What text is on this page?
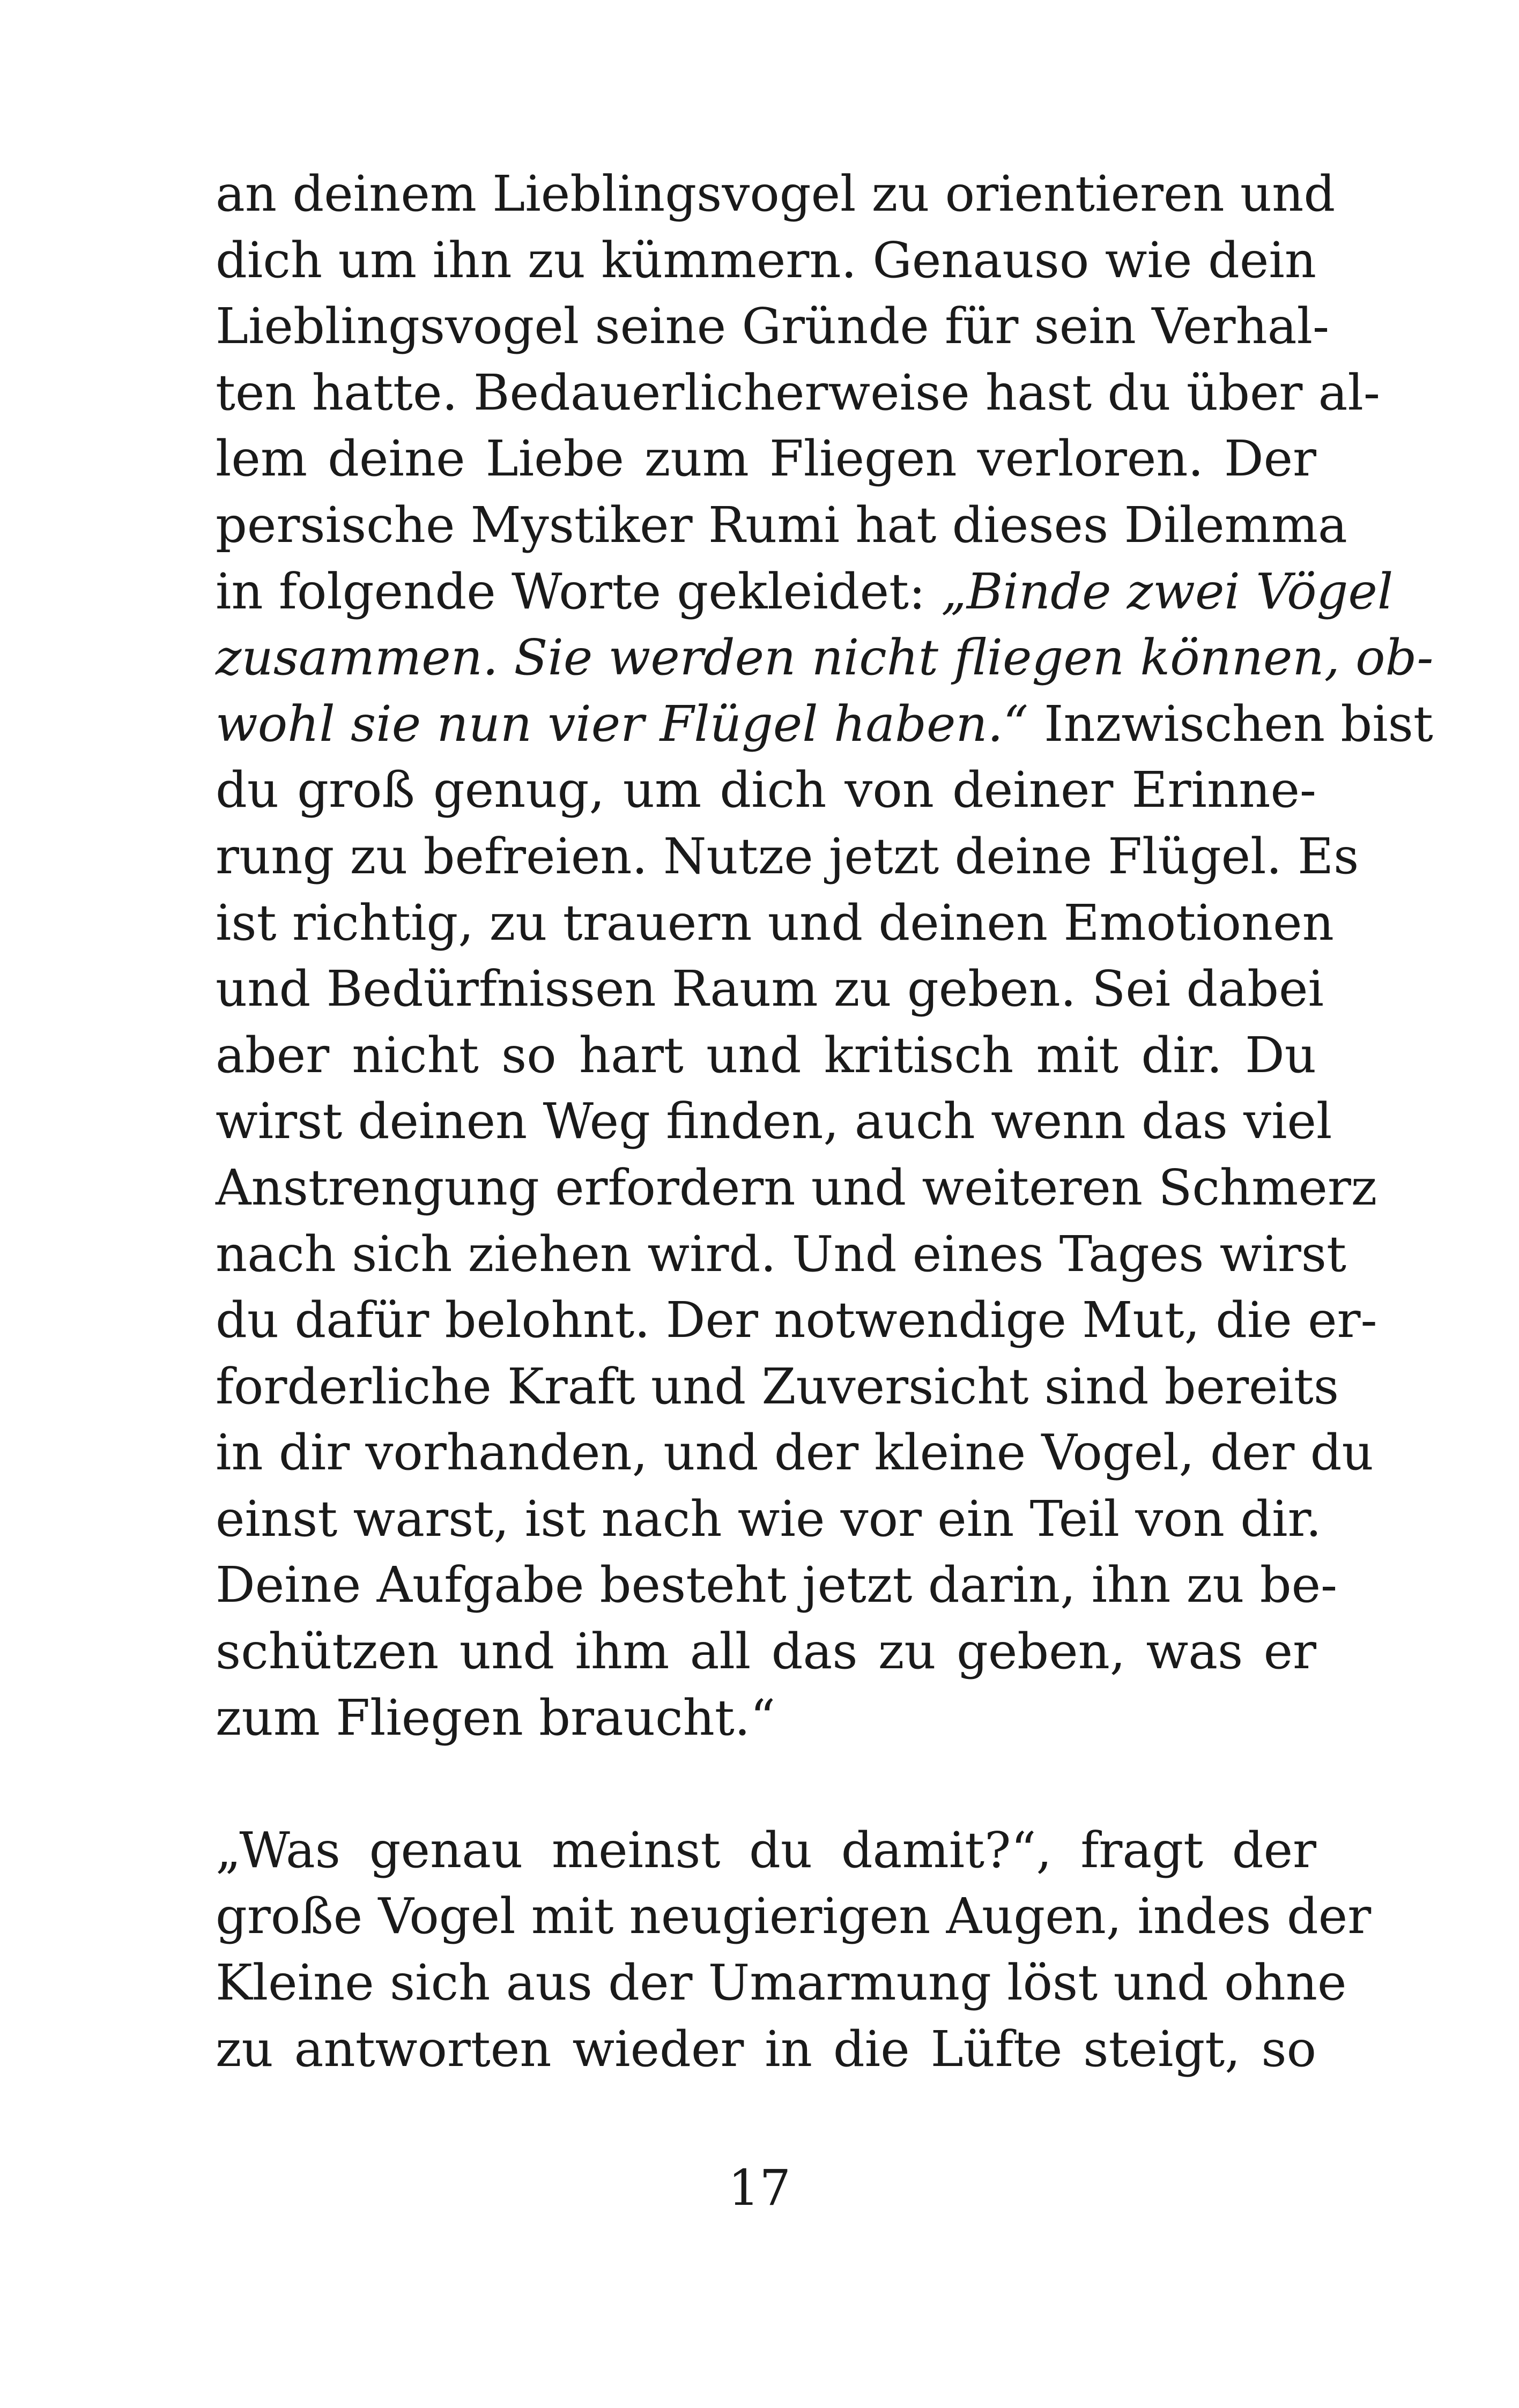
an deinem Lieblingsvogel zu orientieren und
dich um ihn zu kümmern. Genauso wie dein
Lieblingsvogel seine Gründe für sein Verhal-
ten hatte. Bedauerlicherweise hast du über al-
lem deine Liebe zum Fliegen verloren. Der
persische Mystiker Rumi hat dieses Dilemma
in folgende Worte gekleidet: „Binde zwei Vögel
zusammen. Sie werden nicht fliegen können, ob-
wohl sie nun vier Flügel haben.“ Inzwischen bist
du groß genug, um dich von deiner Erinne-
rung zu befreien. Nutze jetzt deine Flügel. Es
ist richtig, zu trauern und deinen Emotionen
und Bedürfnissen Raum zu geben. Sei dabei
aber nicht so hart und kritisch mit dir. Du
wirst deinen Weg finden, auch wenn das viel
Anstrengung erfordern und weiteren Schmerz
nach sich ziehen wird. Und eines Tages wirst
du dafür belohnt. Der notwendige Mut, die er-
forderliche Kraft und Zuversicht sind bereits
in dir vorhanden, und der kleine Vogel, der du
einst warst, ist nach wie vor ein Teil von dir.
Deine Aufgabe besteht jetzt darin, ihn zu be-
schützen und ihm all das zu geben, was er
zum Fliegen braucht.“
„Was genau meinst du damit?“, fragt der
große Vogel mit neugierigen Augen, indes der
Kleine sich aus der Umarmung löst und ohne
zu antworten wieder in die Lüfte steigt, so
17
